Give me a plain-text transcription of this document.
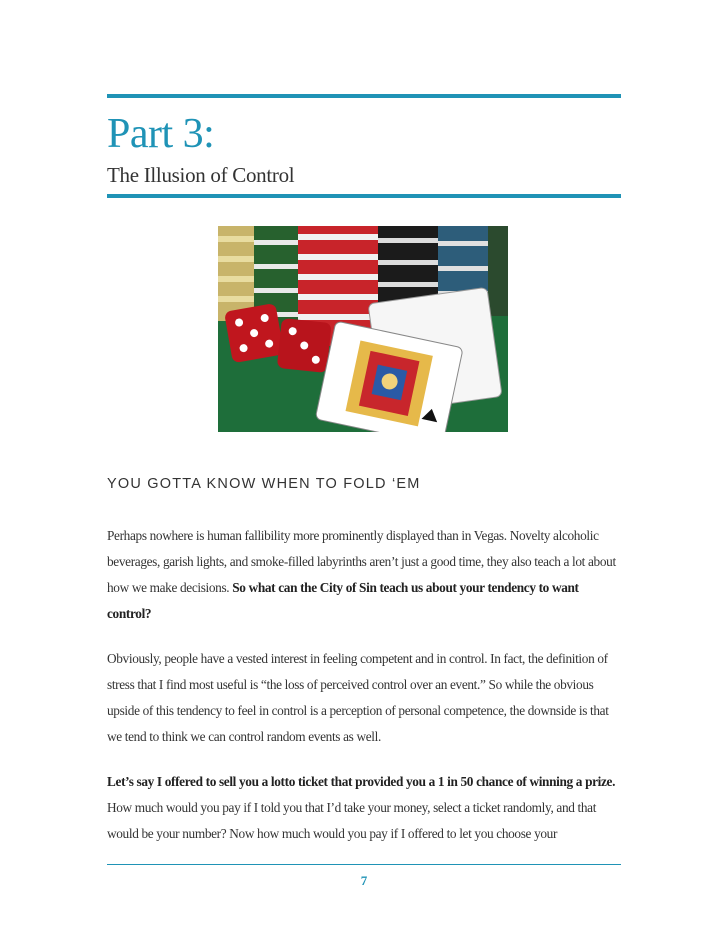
Part 3:
The Illusion of Control
YOU GOTTA KNOW WHEN TO FOLD ‘EM

Perhaps nowhere is human fallibility more prominently displayed than in Vegas. Novelty alcoholic beverages, garish lights, and smoke-filled labyrinths aren’t just a good time, they also teach a lot about how we make decisions. So what can the City of Sin teach us about your tendency to want control?

Obviously, people have a vested interest in feeling competent and in control. In fact, the definition of stress that I find most useful is “the loss of perceived control over an event.” So while the obvious upside of this tendency to feel in control is a perception of personal competence, the downside is that we tend to think we can control random events as well.

Let’s say I offered to sell you a lotto ticket that provided you a 1 in 50 chance of winning a prize. How much would you pay if I told you that I’d take your money, select a ticket randomly, and that would be your number? Now how much would you pay if I offered to let you choose your

7
